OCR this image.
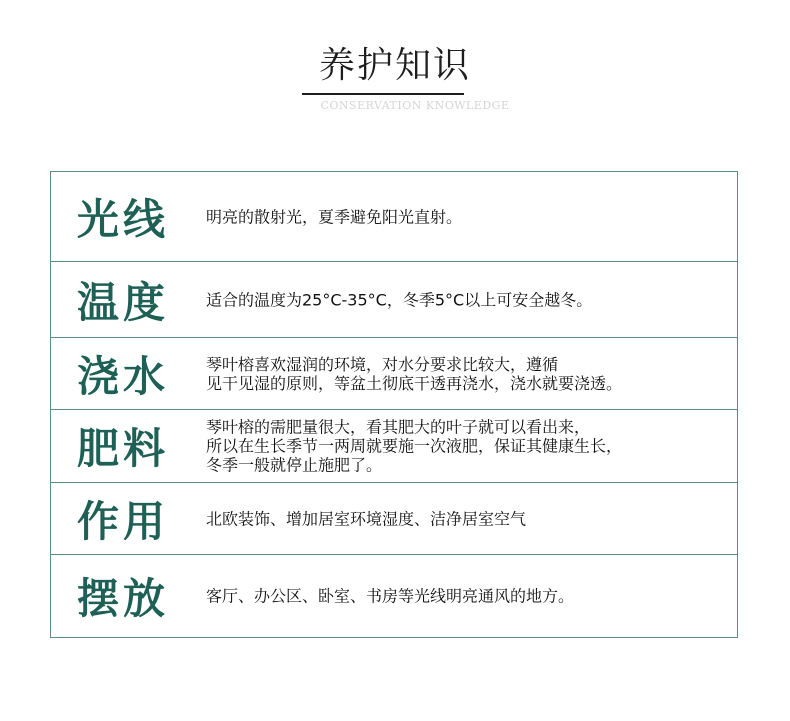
养护知识
CONSERVATION KNOWLEDGE
光线 明亮的散射光，夏季避免阳光直射。
温度 适合的温度为25°C-35°C，冬季5°C以上可安全越冬。
浇水 琴叶榕喜欢湿润的环境，对水分要求比较大，遵循
见干见湿的原则，等盆土彻底干透再浇水，浇水就要浇透。
肥料 琴叶榕的需肥量很大，看其肥大的叶子就可以看出来，
所以在生长季节一两周就要施一次液肥，保证其健康生长，
冬季一般就停止施肥了。
作用 北欧装饰、增加居室环境湿度、洁净居室空气
摆放 客厅、办公区、卧室、书房等光线明亮通风的地方。
